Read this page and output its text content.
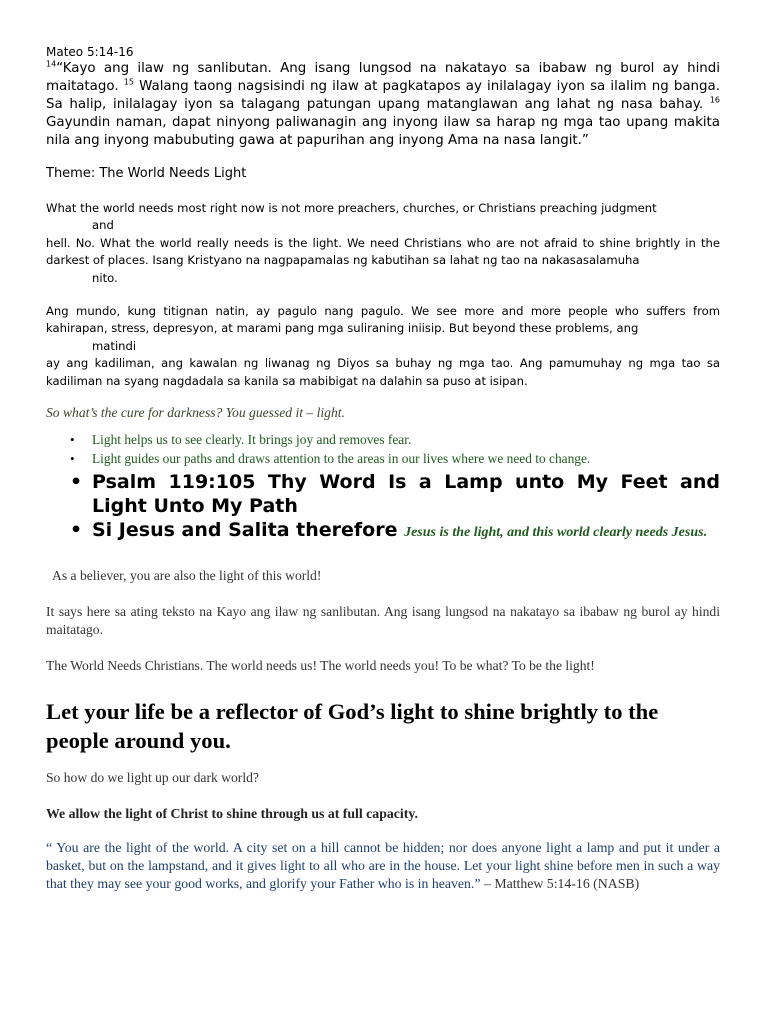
Mateo 5:14-16

$^{14}$“Kayo ang ilaw ng sanlibutan. Ang isang lungsod na nakatayo sa ibabaw ng burol ay hindi maitatago. $^{15}$ Walang taong nagsisindi ng ilaw at pagkatapos ay inilalagay iyon sa ilalim ng banga. Sa halip, inilalagay iyon sa talagang patungan upang matanglawan ang lahat ng nasa bahay. $^{16}$ Gayundin naman, dapat ninyong paliwanagin ang inyong ilaw sa harap ng mga tao upang makita nila ang inyong mabubuting gawa at papurihan ang inyong Ama na nasa langit.”

Theme: The World Needs Light

What the world needs most right now is not more preachers, churches, or Christians preaching judgment
and
hell. No. What the world really needs is the light. We need Christians who are not afraid to shine brightly in the darkest of places. Isang Kristyano na nagpapamalas ng kabutihan sa lahat ng tao na nakasasalamuha
nito.

Ang mundo, kung titignan natin, ay pagulo nang pagulo. We see more and more people who suffers from kahirapan, stress, depresyon, at marami pang mga suliraning iniisip. But beyond these problems, ang
matindi
ay ang kadiliman, ang kawalan ng liwanag ng Diyos sa buhay ng mga tao. Ang pamumuhay ng mga tao sa kadiliman na syang nagdadala sa kanila sa mabibigat na dalahin sa puso at isipan.

So what’s the cure for darkness? You guessed it – light.

• Light helps us to see clearly. It brings joy and removes fear.
• Light guides our paths and draws attention to the areas in our lives where we need to change.
• Psalm 119:105 Thy Word Is a Lamp unto My Feet and Light Unto My Path
• Si Jesus and Salita therefore Jesus is the light, and this world clearly needs Jesus.

As a believer, you are also the light of this world!

It says here sa ating teksto na Kayo ang ilaw ng sanlibutan. Ang isang lungsod na nakatayo sa ibabaw ng burol ay hindi maitatago.

The World Needs Christians. The world needs us! The world needs you! To be what? To be the light!

Let your life be a reflector of God’s light to shine brightly to the people around you.

So how do we light up our dark world?

We allow the light of Christ to shine through us at full capacity.

“ You are the light of the world. A city set on a hill cannot be hidden; nor does anyone light a lamp and put it under a basket, but on the lampstand, and it gives light to all who are in the house. Let your light shine before men in such a way that they may see your good works, and glorify your Father who is in heaven.” – Matthew 5:14-16 (NASB)
